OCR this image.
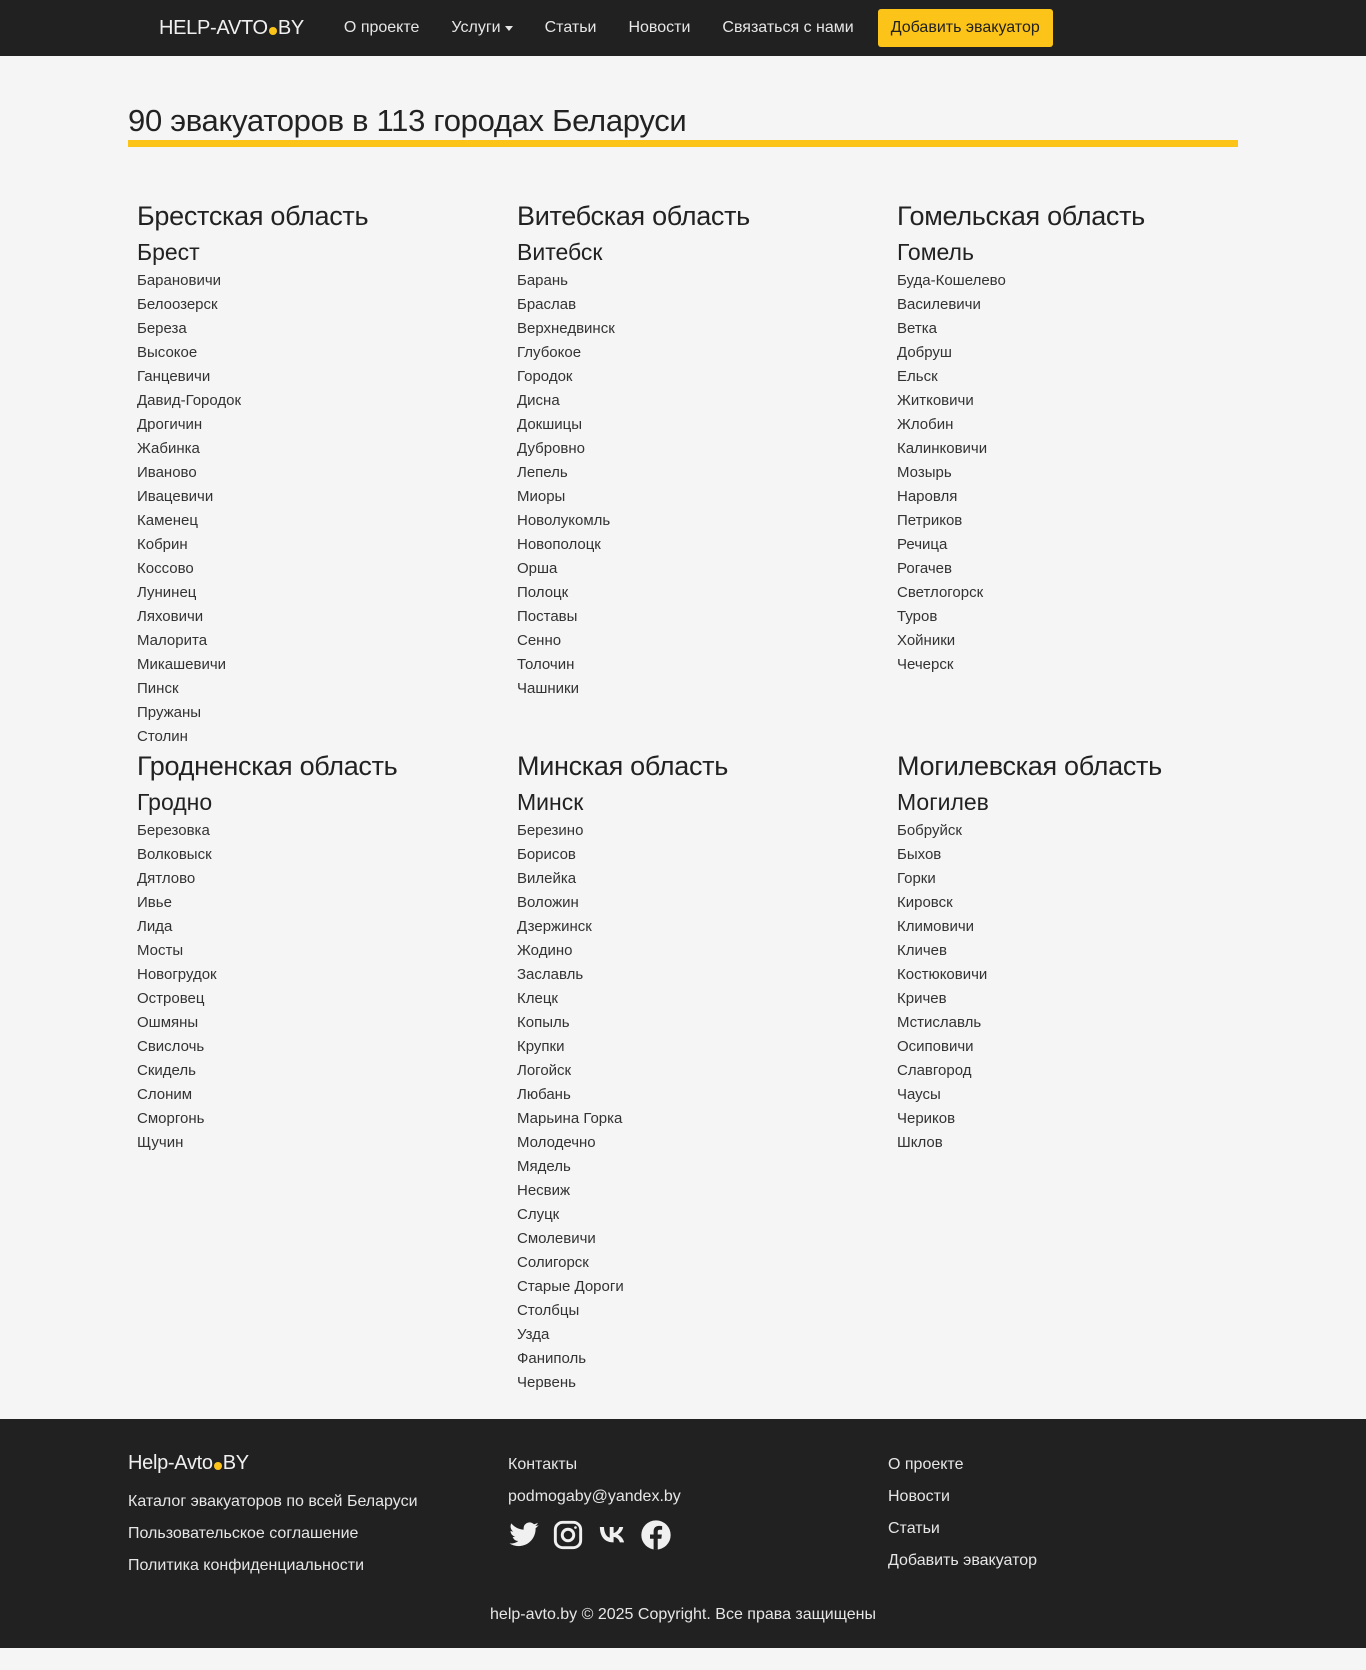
HELP-AVTO BY	О проекте	Услуги	Статьи	Новости	Связаться с нами	Добавить эвакуатор
90 эвакуаторов в 113 городах Беларуси
Брестская область
Брест
Барановичи
Белоозерск
Береза
Высокое
Ганцевичи
Давид-Городок
Дрогичин
Жабинка
Иваново
Ивацевичи
Каменец
Кобрин
Коссово
Лунинец
Ляховичи
Малорита
Микашевичи
Пинск
Пружаны
Столин
Витебская область
Витебск
Барань
Браслав
Верхнедвинск
Глубокое
Городок
Дисна
Докшицы
Дубровно
Лепель
Миоры
Новолукомль
Новополоцк
Орша
Полоцк
Поставы
Сенно
Толочин
Чашники
Гомельская область
Гомель
Буда-Кошелево
Василевичи
Ветка
Добруш
Ельск
Житковичи
Жлобин
Калинковичи
Мозырь
Наровля
Петриков
Речица
Рогачев
Светлогорск
Туров
Хойники
Чечерск
Гродненская область
Гродно
Березовка
Волковыск
Дятлово
Ивье
Лида
Мосты
Новогрудок
Островец
Ошмяны
Свислочь
Скидель
Слоним
Сморгонь
Щучин
Минская область
Минск
Березино
Борисов
Вилейка
Воложин
Дзержинск
Жодино
Заславль
Клецк
Копыль
Крупки
Логойск
Любань
Марьина Горка
Молодечно
Мядель
Несвиж
Слуцк
Смолевичи
Солигорск
Старые Дороги
Столбцы
Узда
Фаниполь
Червень
Могилевская область
Могилев
Бобруйск
Быхов
Горки
Кировск
Климовичи
Кличев
Костюковичи
Кричев
Мстиславль
Осиповичи
Славгород
Чаусы
Чериков
Шклов
Help-Avto BY
Каталог эвакуаторов по всей Беларуси
Пользовательское соглашение
Политика конфиденциальности
Контакты
podmogaby@yandex.by
О проекте
Новости
Статьи
Добавить эвакуатор
help-avto.by © 2025 Copyright. Все права защищены
